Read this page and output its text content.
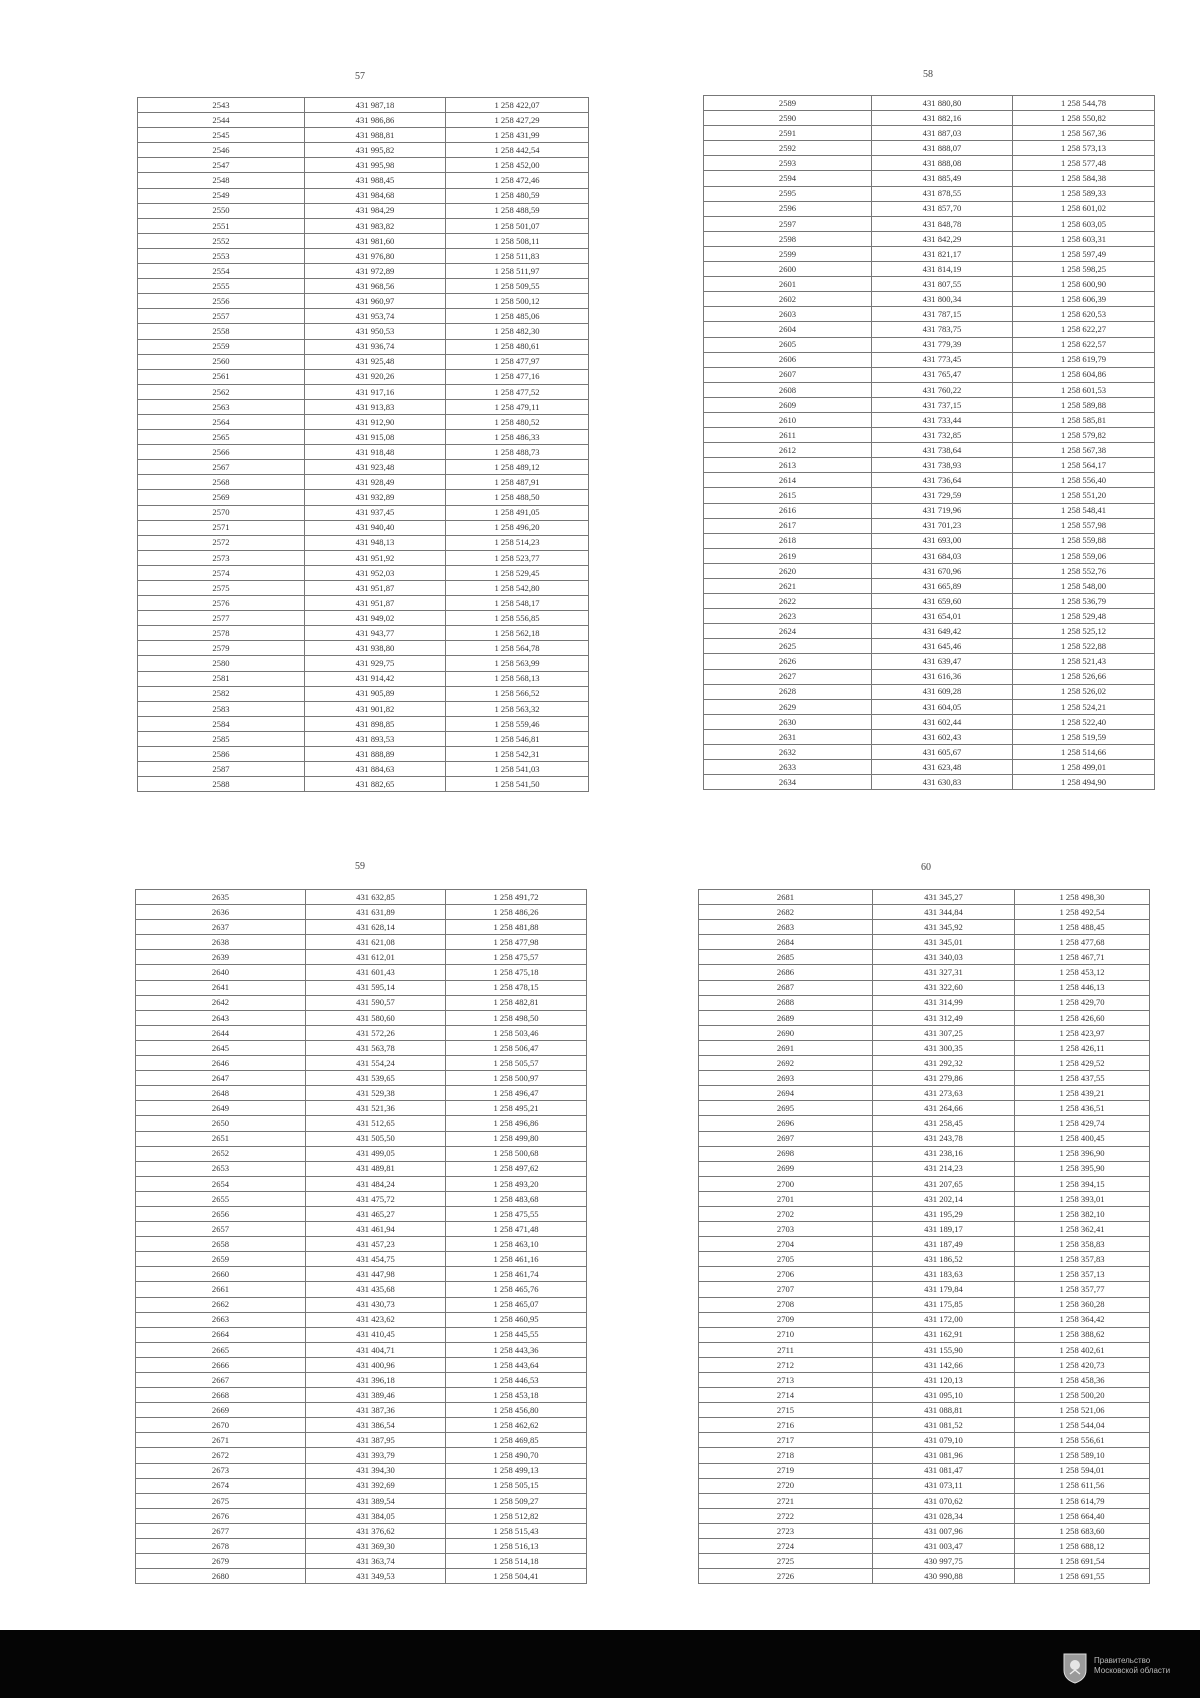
57
2543	431 987,18	1 258 422,07
2544	431 986,86	1 258 427,29
2545	431 988,81	1 258 431,99
2546	431 995,82	1 258 442,54
2547	431 995,98	1 258 452,00
2548	431 988,45	1 258 472,46
2549	431 984,68	1 258 480,59
2550	431 984,29	1 258 488,59
2551	431 983,82	1 258 501,07
2552	431 981,60	1 258 508,11
2553	431 976,80	1 258 511,83
2554	431 972,89	1 258 511,97
2555	431 968,56	1 258 509,55
2556	431 960,97	1 258 500,12
2557	431 953,74	1 258 485,06
2558	431 950,53	1 258 482,30
2559	431 936,74	1 258 480,61
2560	431 925,48	1 258 477,97
2561	431 920,26	1 258 477,16
2562	431 917,16	1 258 477,52
2563	431 913,83	1 258 479,11
2564	431 912,90	1 258 480,52
2565	431 915,08	1 258 486,33
2566	431 918,48	1 258 488,73
2567	431 923,48	1 258 489,12
2568	431 928,49	1 258 487,91
2569	431 932,89	1 258 488,50
2570	431 937,45	1 258 491,05
2571	431 940,40	1 258 496,20
2572	431 948,13	1 258 514,23
2573	431 951,92	1 258 523,77
2574	431 952,03	1 258 529,45
2575	431 951,87	1 258 542,80
2576	431 951,87	1 258 548,17
2577	431 949,02	1 258 556,85
2578	431 943,77	1 258 562,18
2579	431 938,80	1 258 564,78
2580	431 929,75	1 258 563,99
2581	431 914,42	1 258 568,13
2582	431 905,89	1 258 566,52
2583	431 901,82	1 258 563,32
2584	431 898,85	1 258 559,46
2585	431 893,53	1 258 546,81
2586	431 888,89	1 258 542,31
2587	431 884,63	1 258 541,03
2588	431 882,65	1 258 541,50
58
2589	431 880,80	1 258 544,78
2590	431 882,16	1 258 550,82
2591	431 887,03	1 258 567,36
2592	431 888,07	1 258 573,13
2593	431 888,08	1 258 577,48
2594	431 885,49	1 258 584,38
2595	431 878,55	1 258 589,33
2596	431 857,70	1 258 601,02
2597	431 848,78	1 258 603,05
2598	431 842,29	1 258 603,31
2599	431 821,17	1 258 597,49
2600	431 814,19	1 258 598,25
2601	431 807,55	1 258 600,90
2602	431 800,34	1 258 606,39
2603	431 787,15	1 258 620,53
2604	431 783,75	1 258 622,27
2605	431 779,39	1 258 622,57
2606	431 773,45	1 258 619,79
2607	431 765,47	1 258 604,86
2608	431 760,22	1 258 601,53
2609	431 737,15	1 258 589,88
2610	431 733,44	1 258 585,81
2611	431 732,85	1 258 579,82
2612	431 738,64	1 258 567,38
2613	431 738,93	1 258 564,17
2614	431 736,64	1 258 556,40
2615	431 729,59	1 258 551,20
2616	431 719,96	1 258 548,41
2617	431 701,23	1 258 557,98
2618	431 693,00	1 258 559,88
2619	431 684,03	1 258 559,06
2620	431 670,96	1 258 552,76
2621	431 665,89	1 258 548,00
2622	431 659,60	1 258 536,79
2623	431 654,01	1 258 529,48
2624	431 649,42	1 258 525,12
2625	431 645,46	1 258 522,88
2626	431 639,47	1 258 521,43
2627	431 616,36	1 258 526,66
2628	431 609,28	1 258 526,02
2629	431 604,05	1 258 524,21
2630	431 602,44	1 258 522,40
2631	431 602,43	1 258 519,59
2632	431 605,67	1 258 514,66
2633	431 623,48	1 258 499,01
2634	431 630,83	1 258 494,90
59
2635	431 632,85	1 258 491,72
2636	431 631,89	1 258 486,26
2637	431 628,14	1 258 481,88
2638	431 621,08	1 258 477,98
2639	431 612,01	1 258 475,57
2640	431 601,43	1 258 475,18
2641	431 595,14	1 258 478,15
2642	431 590,57	1 258 482,81
2643	431 580,60	1 258 498,50
2644	431 572,26	1 258 503,46
2645	431 563,78	1 258 506,47
2646	431 554,24	1 258 505,57
2647	431 539,65	1 258 500,97
2648	431 529,38	1 258 496,47
2649	431 521,36	1 258 495,21
2650	431 512,65	1 258 496,86
2651	431 505,50	1 258 499,80
2652	431 499,05	1 258 500,68
2653	431 489,81	1 258 497,62
2654	431 484,24	1 258 493,20
2655	431 475,72	1 258 483,68
2656	431 465,27	1 258 475,55
2657	431 461,94	1 258 471,48
2658	431 457,23	1 258 463,10
2659	431 454,75	1 258 461,16
2660	431 447,98	1 258 461,74
2661	431 435,68	1 258 465,76
2662	431 430,73	1 258 465,07
2663	431 423,62	1 258 460,95
2664	431 410,45	1 258 445,55
2665	431 404,71	1 258 443,36
2666	431 400,96	1 258 443,64
2667	431 396,18	1 258 446,53
2668	431 389,46	1 258 453,18
2669	431 387,36	1 258 456,80
2670	431 386,54	1 258 462,62
2671	431 387,95	1 258 469,85
2672	431 393,79	1 258 490,70
2673	431 394,30	1 258 499,13
2674	431 392,69	1 258 505,15
2675	431 389,54	1 258 509,27
2676	431 384,05	1 258 512,82
2677	431 376,62	1 258 515,43
2678	431 369,30	1 258 516,13
2679	431 363,74	1 258 514,18
2680	431 349,53	1 258 504,41
60
2681	431 345,27	1 258 498,30
2682	431 344,84	1 258 492,54
2683	431 345,92	1 258 488,45
2684	431 345,01	1 258 477,68
2685	431 340,03	1 258 467,71
2686	431 327,31	1 258 453,12
2687	431 322,60	1 258 446,13
2688	431 314,99	1 258 429,70
2689	431 312,49	1 258 426,60
2690	431 307,25	1 258 423,97
2691	431 300,35	1 258 426,11
2692	431 292,32	1 258 429,52
2693	431 279,86	1 258 437,55
2694	431 273,63	1 258 439,21
2695	431 264,66	1 258 436,51
2696	431 258,45	1 258 429,74
2697	431 243,78	1 258 400,45
2698	431 238,16	1 258 396,90
2699	431 214,23	1 258 395,90
2700	431 207,65	1 258 394,15
2701	431 202,14	1 258 393,01
2702	431 195,29	1 258 382,10
2703	431 189,17	1 258 362,41
2704	431 187,49	1 258 358,83
2705	431 186,52	1 258 357,83
2706	431 183,63	1 258 357,13
2707	431 179,84	1 258 357,77
2708	431 175,85	1 258 360,28
2709	431 172,00	1 258 364,42
2710	431 162,91	1 258 388,62
2711	431 155,90	1 258 402,61
2712	431 142,66	1 258 420,73
2713	431 120,13	1 258 458,36
2714	431 095,10	1 258 500,20
2715	431 088,81	1 258 521,06
2716	431 081,52	1 258 544,04
2717	431 079,10	1 258 556,61
2718	431 081,96	1 258 589,10
2719	431 081,47	1 258 594,01
2720	431 073,11	1 258 611,56
2721	431 070,62	1 258 614,79
2722	431 028,34	1 258 664,40
2723	431 007,96	1 258 683,60
2724	431 003,47	1 258 688,12
2725	430 997,75	1 258 691,54
2726	430 990,88	1 258 691,55
Правительство
Московской области
